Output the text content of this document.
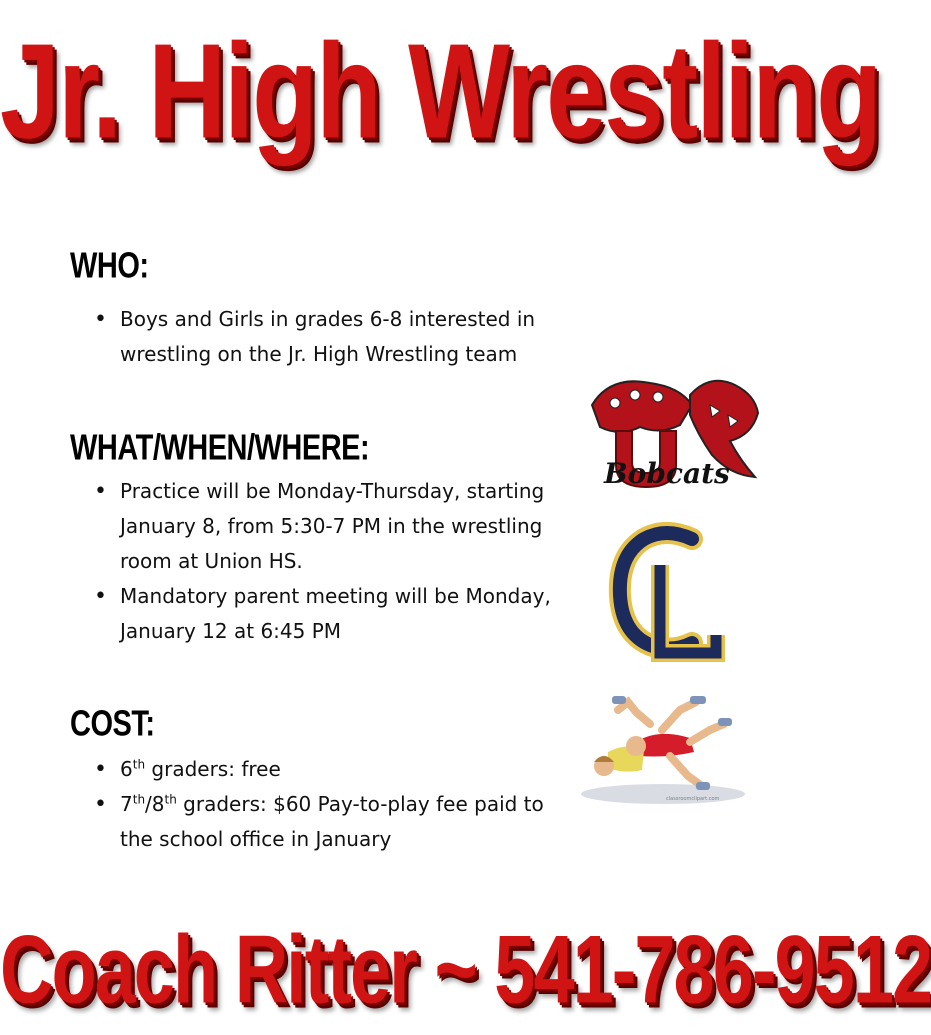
Jr. High Wrestling
WHO:
• Boys and Girls in grades 6-8 interested in wrestling on the Jr. High Wrestling team
WHAT/WHEN/WHERE:
• Practice will be Monday-Thursday, starting January 8, from 5:30-7 PM in the wrestling room at Union HS.
• Mandatory parent meeting will be Monday, January 12 at 6:45 PM
COST:
• 6th graders: free
• 7th/8th graders: $60 Pay-to-play fee paid to the school office in January
Bobcats
classroomclipart.com
Coach Ritter ~ 541-786-9512
